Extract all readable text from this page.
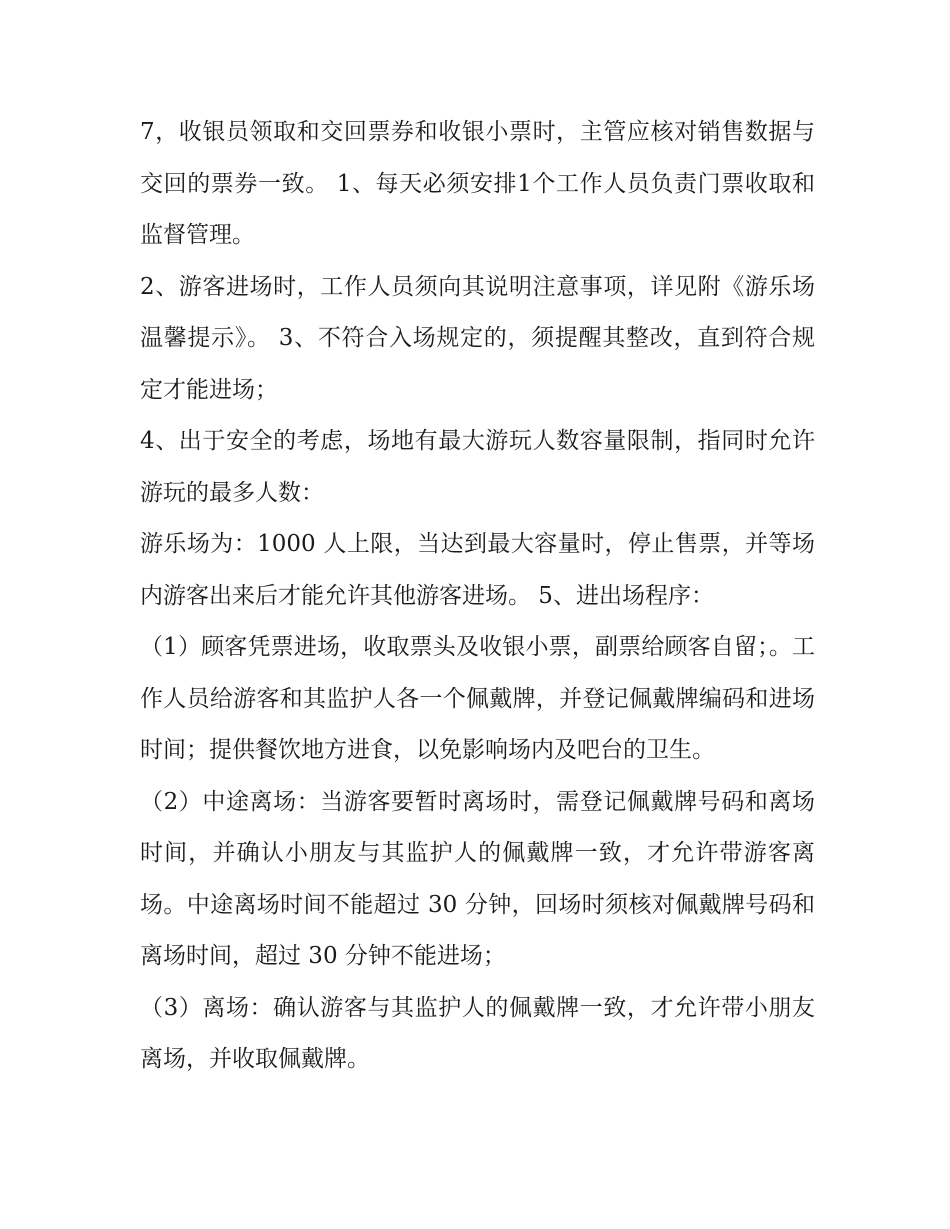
7，收银员领取和交回票券和收银小票时，主管应核对销售数据与交回的票券一致。 1、每天必须安排1个工作人员负责门票收取和监督管理。

2、游客进场时，工作人员须向其说明注意事项，详见附《游乐场温馨提示》。 3、不符合入场规定的，须提醒其整改，直到符合规定才能进场；

4、出于安全的考虑，场地有最大游玩人数容量限制，指同时允许游玩的最多人数：

游乐场为：1000 人上限，当达到最大容量时，停止售票，并等场内游客出来后才能允许其他游客进场。 5、进出场程序：

（1）顾客凭票进场，收取票头及收银小票，副票给顾客自留；。工作人员给游客和其监护人各一个佩戴牌，并登记佩戴牌编码和进场时间；提供餐饮地方进食，以免影响场内及吧台的卫生。

（2）中途离场：当游客要暂时离场时，需登记佩戴牌号码和离场时间，并确认小朋友与其监护人的佩戴牌一致，才允许带游客离场。中途离场时间不能超过 30 分钟，回场时须核对佩戴牌号码和离场时间，超过 30 分钟不能进场；

（3）离场：确认游客与其监护人的佩戴牌一致，才允许带小朋友离场，并收取佩戴牌。
